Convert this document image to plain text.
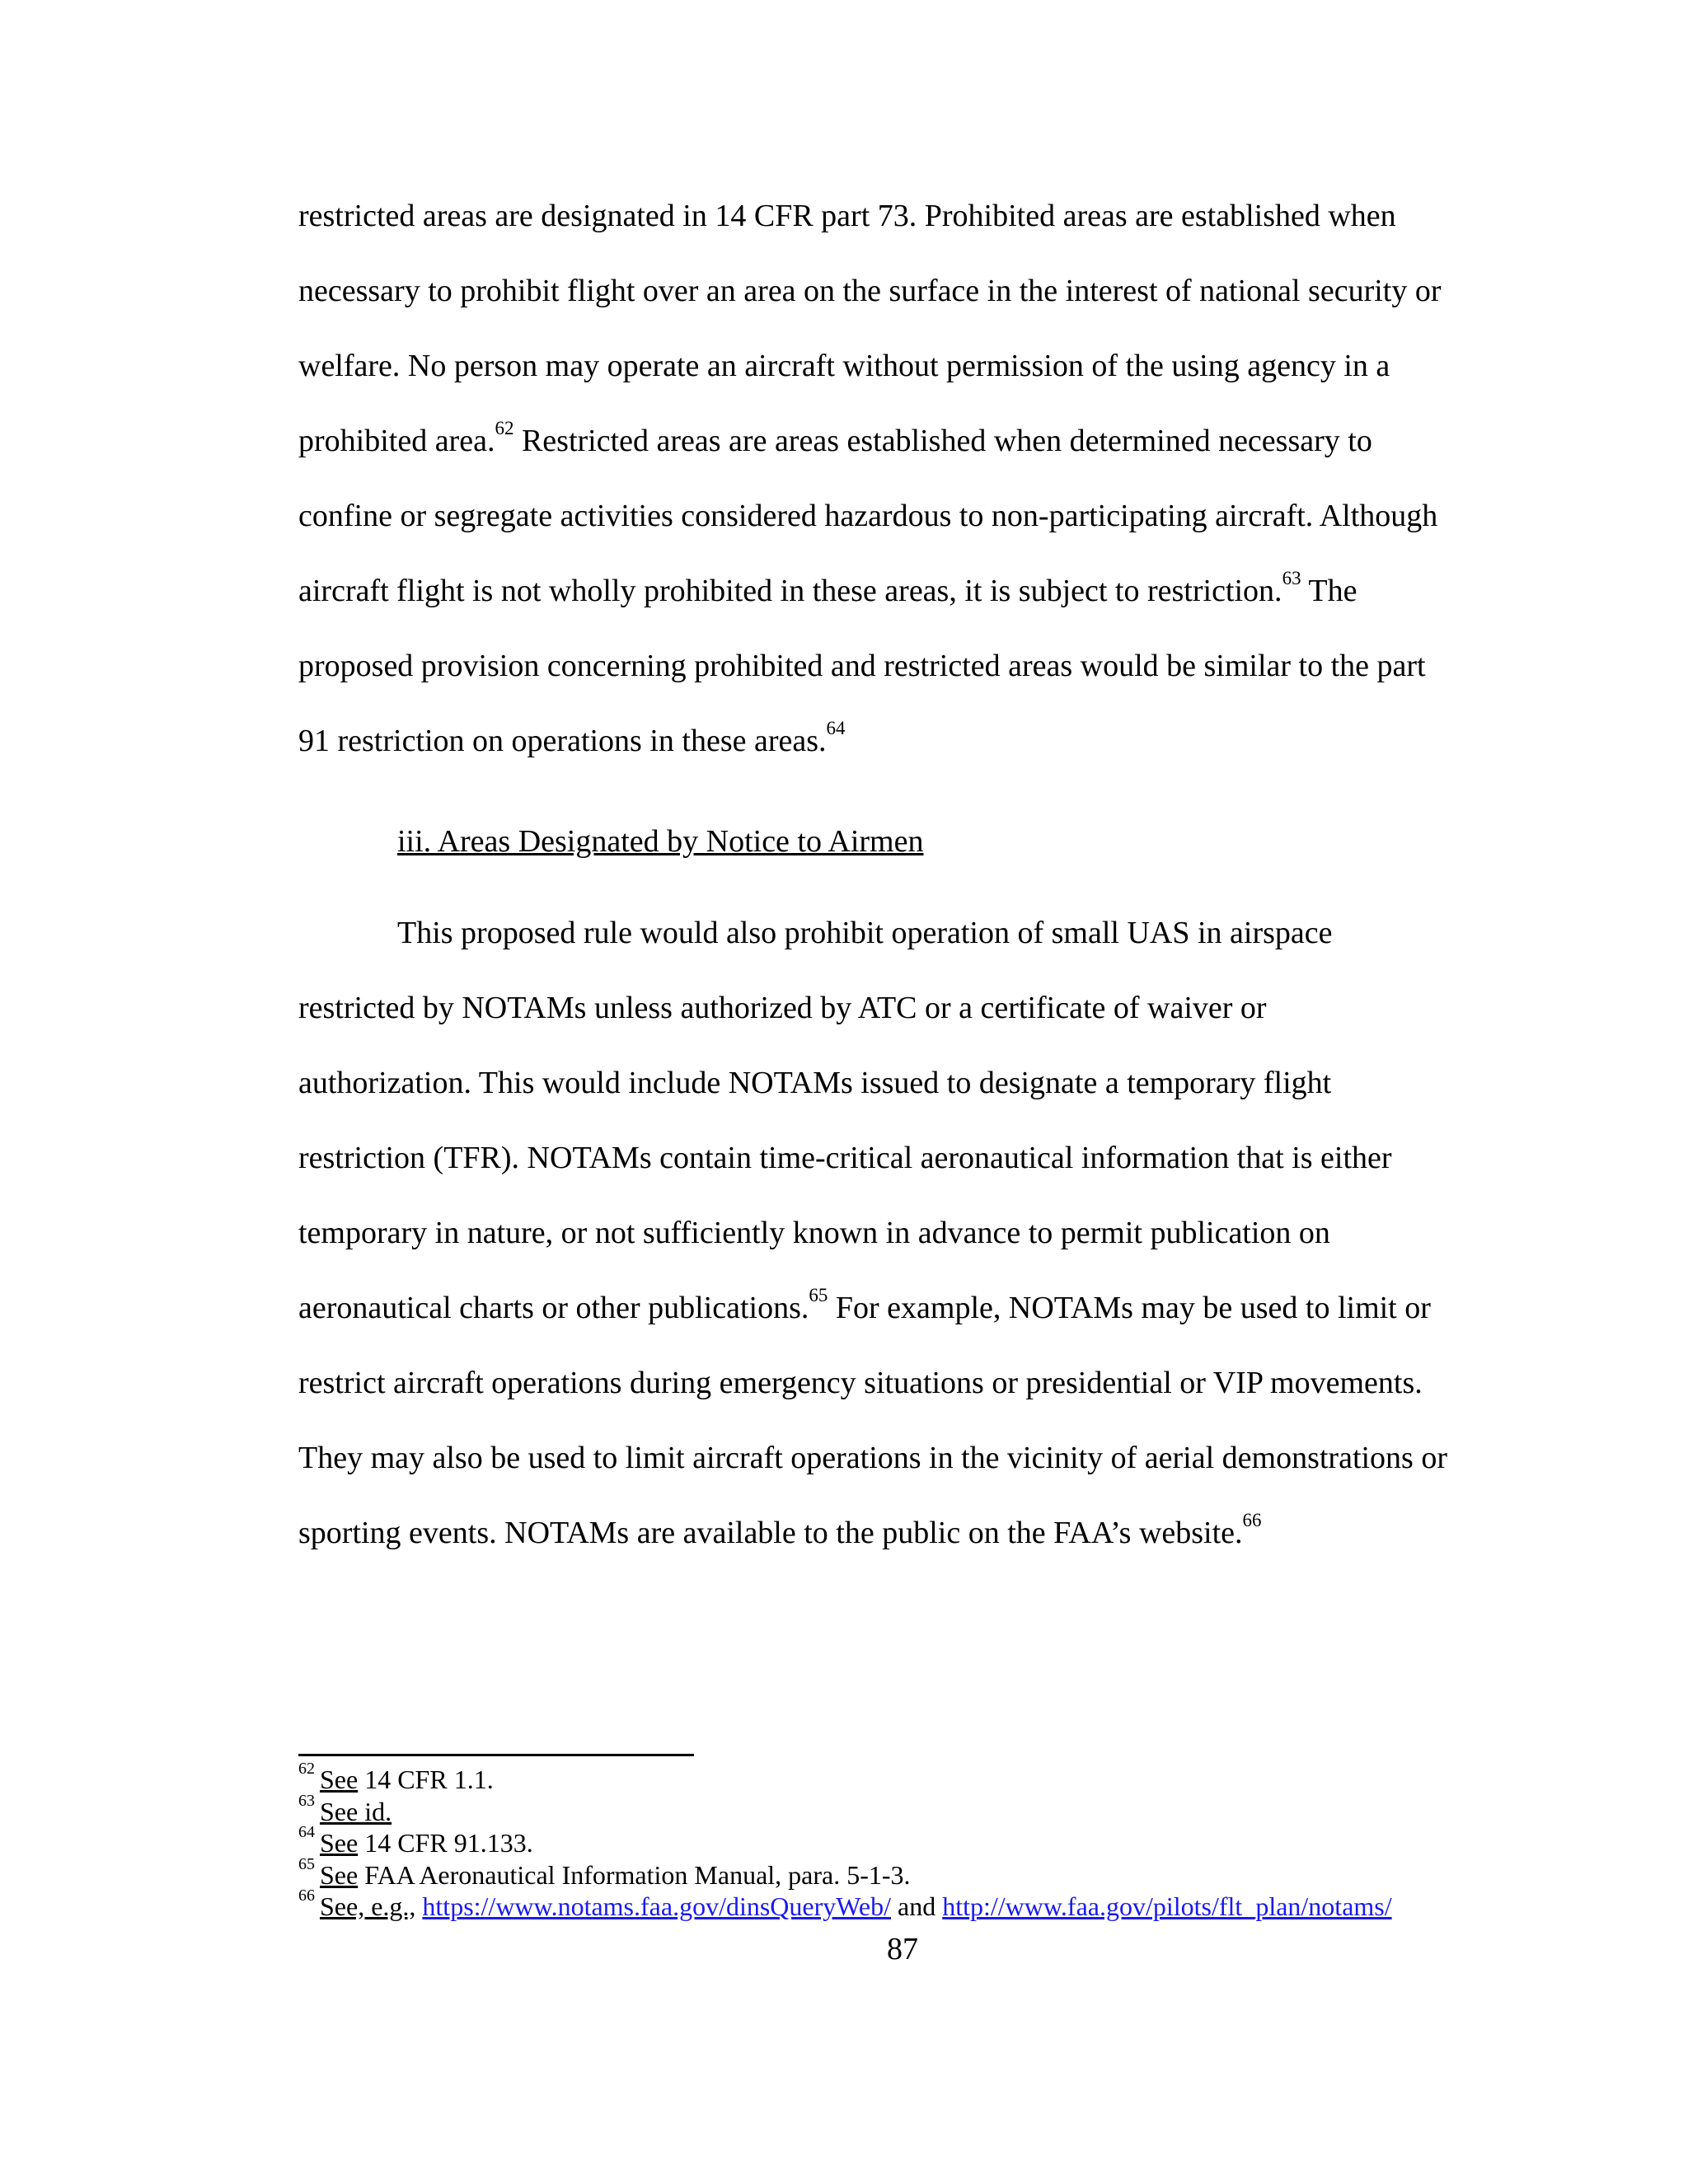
restricted areas are designated in 14 CFR part 73. Prohibited areas are established when
necessary to prohibit flight over an area on the surface in the interest of national security or
welfare. No person may operate an aircraft without permission of the using agency in a
prohibited area.$^{62}$ Restricted areas are areas established when determined necessary to
confine or segregate activities considered hazardous to non-participating aircraft. Although
aircraft flight is not wholly prohibited in these areas, it is subject to restriction.$^{63}$ The
proposed provision concerning prohibited and restricted areas would be similar to the part
91 restriction on operations in these areas.$^{64}$
iii. Areas Designated by Notice to Airmen
This proposed rule would also prohibit operation of small UAS in airspace
restricted by NOTAMs unless authorized by ATC or a certificate of waiver or
authorization. This would include NOTAMs issued to designate a temporary flight
restriction (TFR). NOTAMs contain time-critical aeronautical information that is either
temporary in nature, or not sufficiently known in advance to permit publication on
aeronautical charts or other publications.$^{65}$ For example, NOTAMs may be used to limit or
restrict aircraft operations during emergency situations or presidential or VIP movements.
They may also be used to limit aircraft operations in the vicinity of aerial demonstrations or
sporting events. NOTAMs are available to the public on the FAA’s website.$^{66}$
$^{62}$ See 14 CFR 1.1.
$^{63}$ See id.
$^{64}$ See 14 CFR 91.133.
$^{65}$ See FAA Aeronautical Information Manual, para. 5-1-3.
$^{66}$ See, e.g., https://www.notams.faa.gov/dinsQueryWeb/ and http://www.faa.gov/pilots/flt_plan/notams/
87
